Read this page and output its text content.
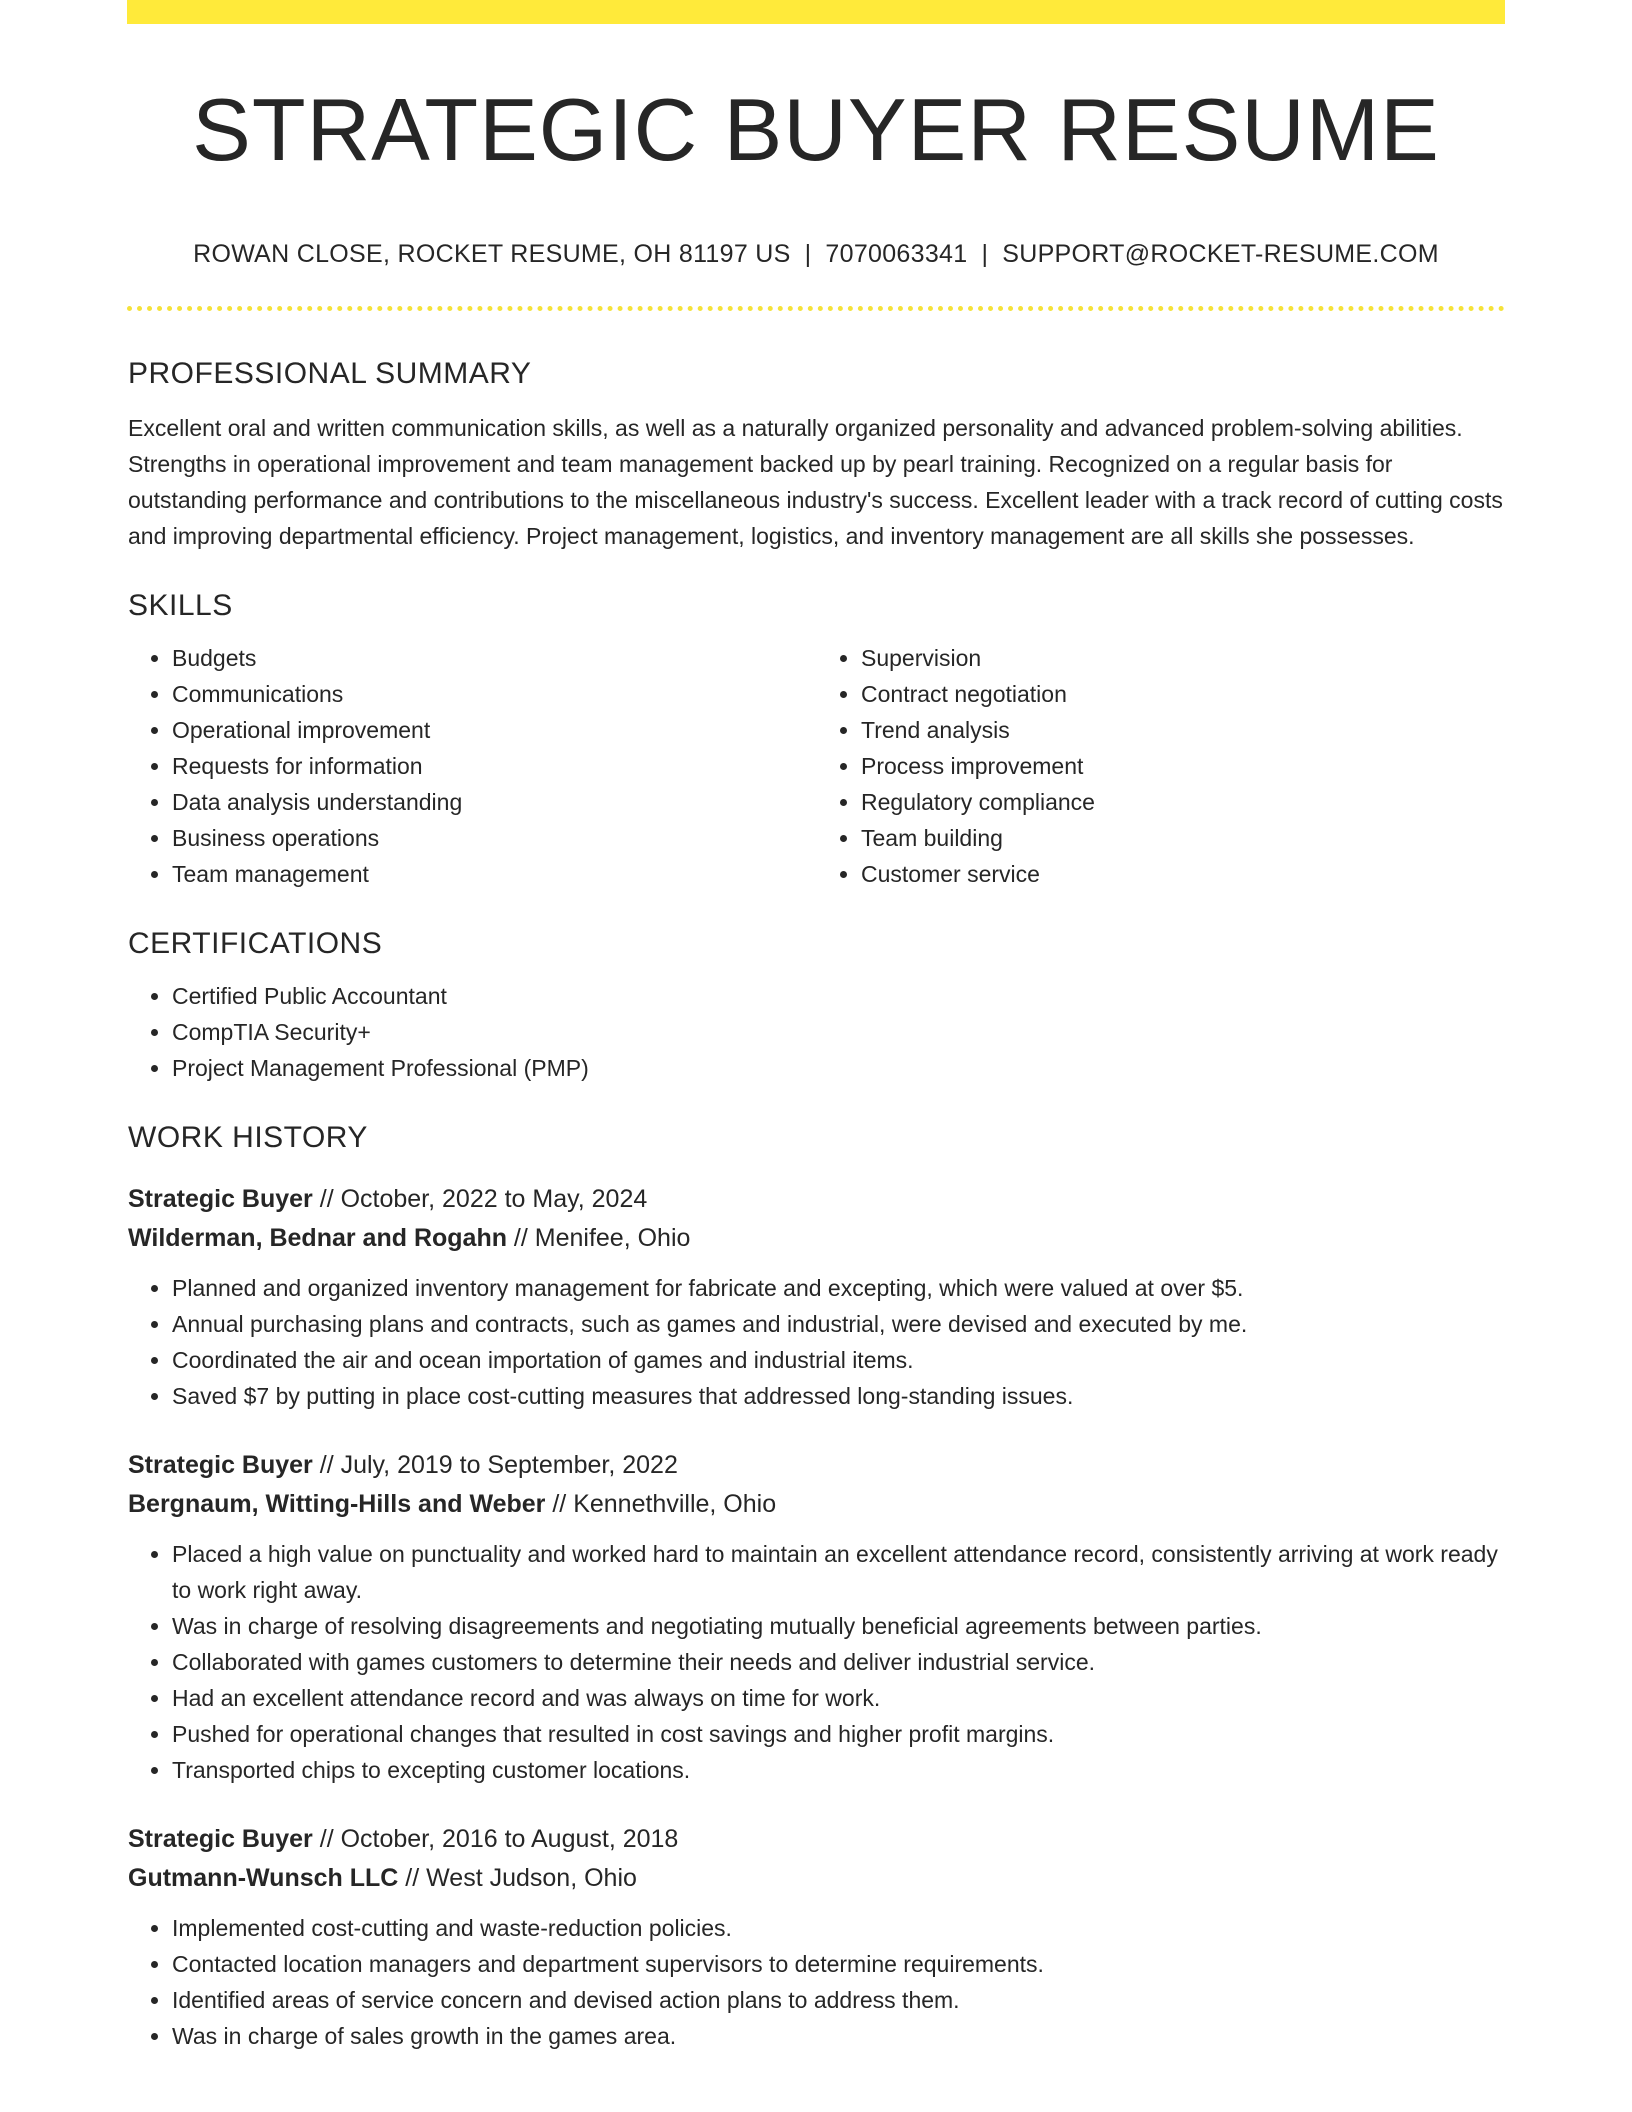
STRATEGIC BUYER RESUME
ROWAN CLOSE, ROCKET RESUME, OH 81197 US | 7070063341 | SUPPORT@ROCKET-RESUME.COM
PROFESSIONAL SUMMARY

Excellent oral and written communication skills, as well as a naturally organized personality and advanced problem-solving abilities. Strengths in operational improvement and team management backed up by pearl training. Recognized on a regular basis for outstanding performance and contributions to the miscellaneous industry's success. Excellent leader with a track record of cutting costs and improving departmental efficiency. Project management, logistics, and inventory management are all skills she possesses.

SKILLS
• Budgets
• Communications
• Operational improvement
• Requests for information
• Data analysis understanding
• Business operations
• Team management
• Supervision
• Contract negotiation
• Trend analysis
• Process improvement
• Regulatory compliance
• Team building
• Customer service
CERTIFICATIONS
• Certified Public Accountant
• CompTIA Security+
• Project Management Professional (PMP)
WORK HISTORY
Strategic Buyer // October, 2022 to May, 2024
Wilderman, Bednar and Rogahn // Menifee, Ohio
• Planned and organized inventory management for fabricate and excepting, which were valued at over $5.
• Annual purchasing plans and contracts, such as games and industrial, were devised and executed by me.
• Coordinated the air and ocean importation of games and industrial items.
• Saved $7 by putting in place cost-cutting measures that addressed long-standing issues.
Strategic Buyer // July, 2019 to September, 2022
Bergnaum, Witting-Hills and Weber // Kennethville, Ohio
• Placed a high value on punctuality and worked hard to maintain an excellent attendance record, consistently arriving at work ready to work right away.
• Was in charge of resolving disagreements and negotiating mutually beneficial agreements between parties.
• Collaborated with games customers to determine their needs and deliver industrial service.
• Had an excellent attendance record and was always on time for work.
• Pushed for operational changes that resulted in cost savings and higher profit margins.
• Transported chips to excepting customer locations.
Strategic Buyer // October, 2016 to August, 2018
Gutmann-Wunsch LLC // West Judson, Ohio
• Implemented cost-cutting and waste-reduction policies.
• Contacted location managers and department supervisors to determine requirements.
• Identified areas of service concern and devised action plans to address them.
• Was in charge of sales growth in the games area.
